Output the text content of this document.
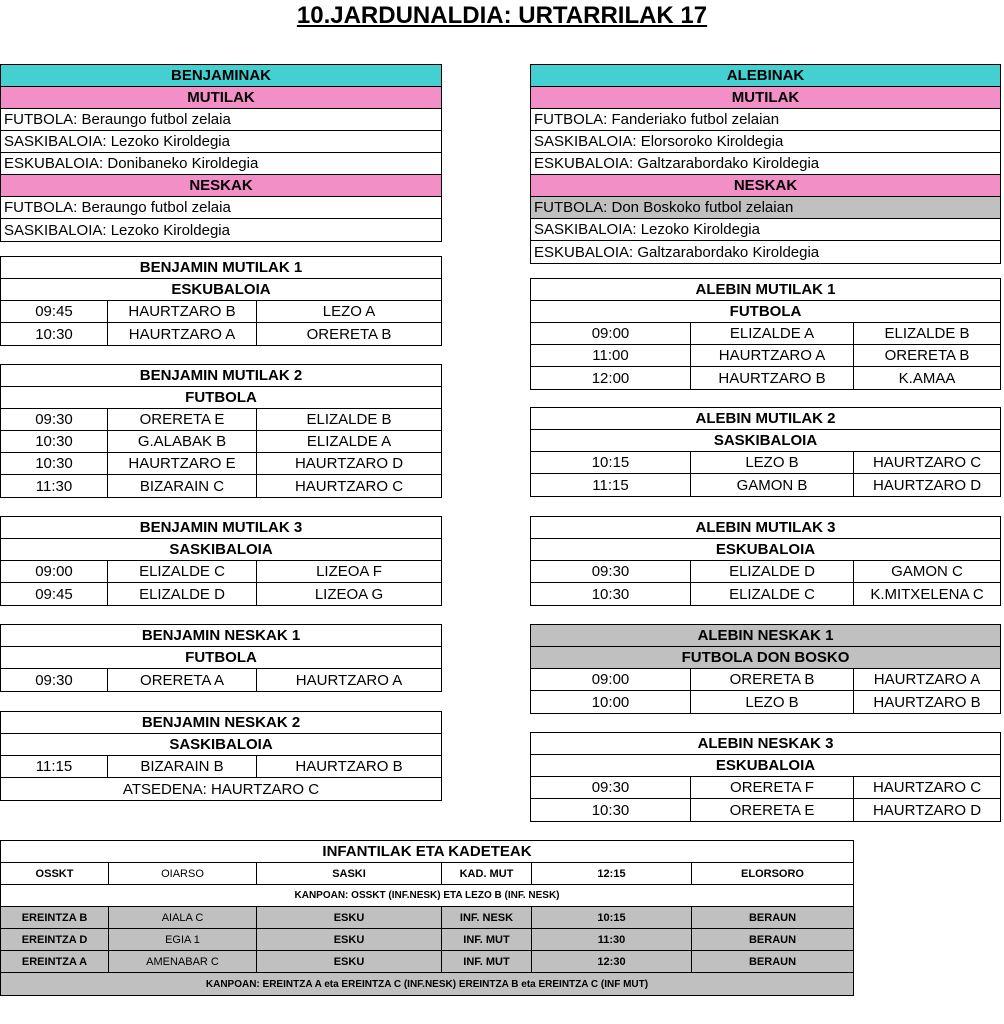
10.JARDUNALDIA: URTARRILAK 17
BENJAMINAK
MUTILAK
FUTBOLA: Beraungo futbol zelaia
SASKIBALOIA: Lezoko Kiroldegia
ESKUBALOIA: Donibaneko Kiroldegia
NESKAK
FUTBOLA: Beraungo futbol zelaia
SASKIBALOIA: Lezoko Kiroldegia
ALEBINAK
MUTILAK
FUTBOLA: Fanderiako futbol zelaian
SASKIBALOIA: Elorsoroko Kiroldegia
ESKUBALOIA: Galtzarabordako Kiroldegia
NESKAK
FUTBOLA: Don Boskoko futbol zelaian
SASKIBALOIA: Lezoko Kiroldegia
ESKUBALOIA: Galtzarabordako Kiroldegia
BENJAMIN MUTILAK 1
ESKUBALOIA
09:45	HAURTZARO B	LEZO A
10:30	HAURTZARO A	ORERETA B
BENJAMIN MUTILAK 2
FUTBOLA
09:30	ORERETA E	ELIZALDE B
10:30	G.ALABAK B	ELIZALDE A
10:30	HAURTZARO E	HAURTZARO D
11:30	BIZARAIN C	HAURTZARO C
BENJAMIN MUTILAK 3
SASKIBALOIA
09:00	ELIZALDE C	LIZEOA F
09:45	ELIZALDE D	LIZEOA G
BENJAMIN NESKAK 1
FUTBOLA
09:30	ORERETA A	HAURTZARO A
BENJAMIN NESKAK 2
SASKIBALOIA
11:15	BIZARAIN B	HAURTZARO B
ATSEDENA: HAURTZARO C
ALEBIN MUTILAK 1
FUTBOLA
09:00	ELIZALDE A	ELIZALDE B
11:00	HAURTZARO A	ORERETA B
12:00	HAURTZARO B	K.AMAA
ALEBIN MUTILAK 2
SASKIBALOIA
10:15	LEZO B	HAURTZARO C
11:15	GAMON B	HAURTZARO D
ALEBIN MUTILAK 3
ESKUBALOIA
09:30	ELIZALDE D	GAMON C
10:30	ELIZALDE C	K.MITXELENA C
ALEBIN NESKAK 1
FUTBOLA DON BOSKO
09:00	ORERETA B	HAURTZARO A
10:00	LEZO B	HAURTZARO B
ALEBIN NESKAK 3
ESKUBALOIA
09:30	ORERETA F	HAURTZARO C
10:30	ORERETA E	HAURTZARO D
INFANTILAK ETA KADETEAK
OSSKT	OIARSO	SASKI	KAD. MUT	12:15	ELORSORO
KANPOAN: OSSKT (INF.NESK) ETA LEZO B (INF. NESK)
EREINTZA B	AIALA C	ESKU	INF. NESK	10:15	BERAUN
EREINTZA D	EGIA 1	ESKU	INF. MUT	11:30	BERAUN
EREINTZA A	AMENABAR C	ESKU	INF. MUT	12:30	BERAUN
KANPOAN: EREINTZA A eta EREINTZA C (INF.NESK) EREINTZA B eta EREINTZA C (INF MUT)
